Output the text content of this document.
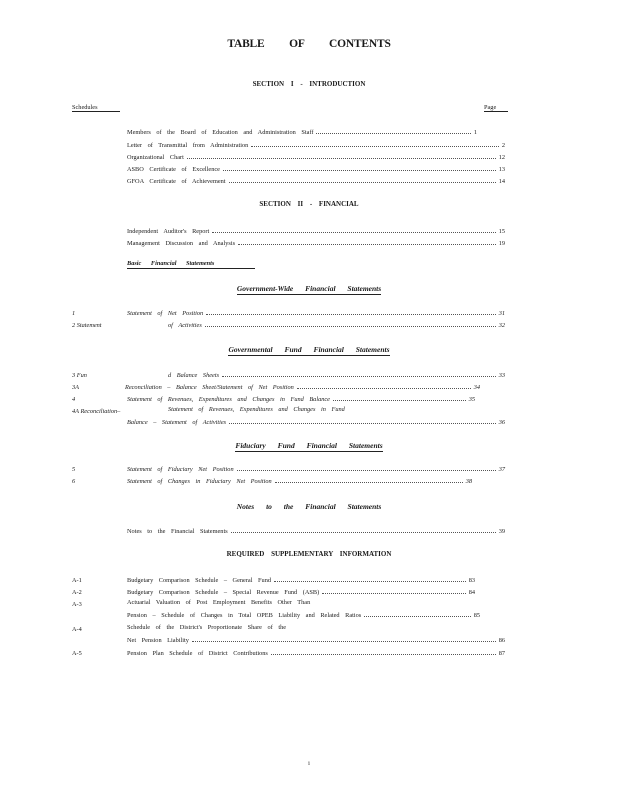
TABLE OF CONTENTS
SECTION I - INTRODUCTION
Schedules	Page
Members of the Board of Education and Administration Staff	1
Letter of Transmittal from Administration	2
Organizational Chart	12
ASBO Certificate of Excellence	13
GFOA Certificate of Achievement	14
SECTION II - FINANCIAL
Independent Auditor's Report	15
Management Discussion and Analysis	19
Basic Financial Statements
Government-Wide Financial Statements
1	Statement of Net Position	31
2 Statement	of Activities	32
Governmental Fund Financial Statements
3 Fun	d Balance Sheets	33
3A	Reconciliation – Balance Sheet/Statement of Net Position	34
4	Statement of Revenues, Expenditures and Changes in Fund Balance	35
4A Reconciliation–	Statement of Revenues, Expenditures and Changes in Fund
Balance – Statement of Activities	36
Fiduciary Fund Financial Statements
5	Statement of Fiduciary Net Position	37
6	Statement of Changes in Fiduciary Net Position	38
Notes to the Financial Statements
Notes to the Financial Statements	39
REQUIRED SUPPLEMENTARY INFORMATION
A-1	Budgetary Comparison Schedule – General Fund	83
A-2	Budgetary Comparison Schedule – Special Revenue Fund (ASB)	84
A-3	Actuarial Valuation of Post Employment Benefits Other Than
Pension – Schedule of Changes in Total OPEB Liability and Related Ratios	85
A-4	Schedule of the District's Proportionate Share of the
Net Pension Liability	86
A-5	Pension Plan Schedule of District Contributions	87
i
